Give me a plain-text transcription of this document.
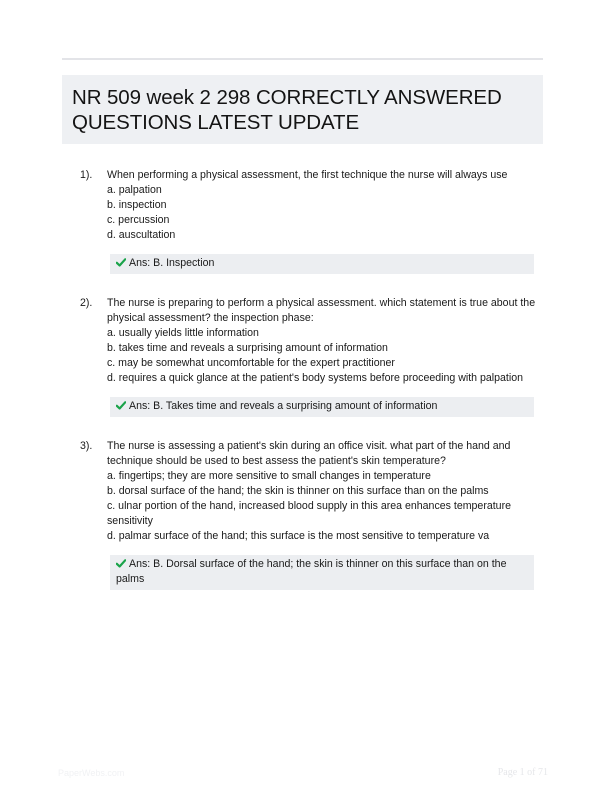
NR 509 week 2 298 CORRECTLY ANSWERED QUESTIONS LATEST UPDATE
1). When performing a physical assessment, the first technique the nurse will always use

a. palpation
b. inspection
c. percussion
d. auscultation
Ans: B. Inspection
2). The nurse is preparing to perform a physical assessment. which statement is true about the physical assessment? the inspection phase:

a. usually yields little information
b. takes time and reveals a surprising amount of information
c. may be somewhat uncomfortable for the expert practitioner
d. requires a quick glance at the patient's body systems before proceeding with palpation
Ans: B. Takes time and reveals a surprising amount of information
3). The nurse is assessing a patient's skin during an office visit. what part of the hand and technique should be used to best assess the patient's skin temperature?

a. fingertips; they are more sensitive to small changes in temperature
b. dorsal surface of the hand; the skin is thinner on this surface than on the palms
c. ulnar portion of the hand, increased blood supply in this area enhances temperature sensitivity
d. palmar surface of the hand; this surface is the most sensitive to temperature va
Ans: B. Dorsal surface of the hand; the skin is thinner on this surface than on the palms
PaperWebs.com	Page 1 of 71
